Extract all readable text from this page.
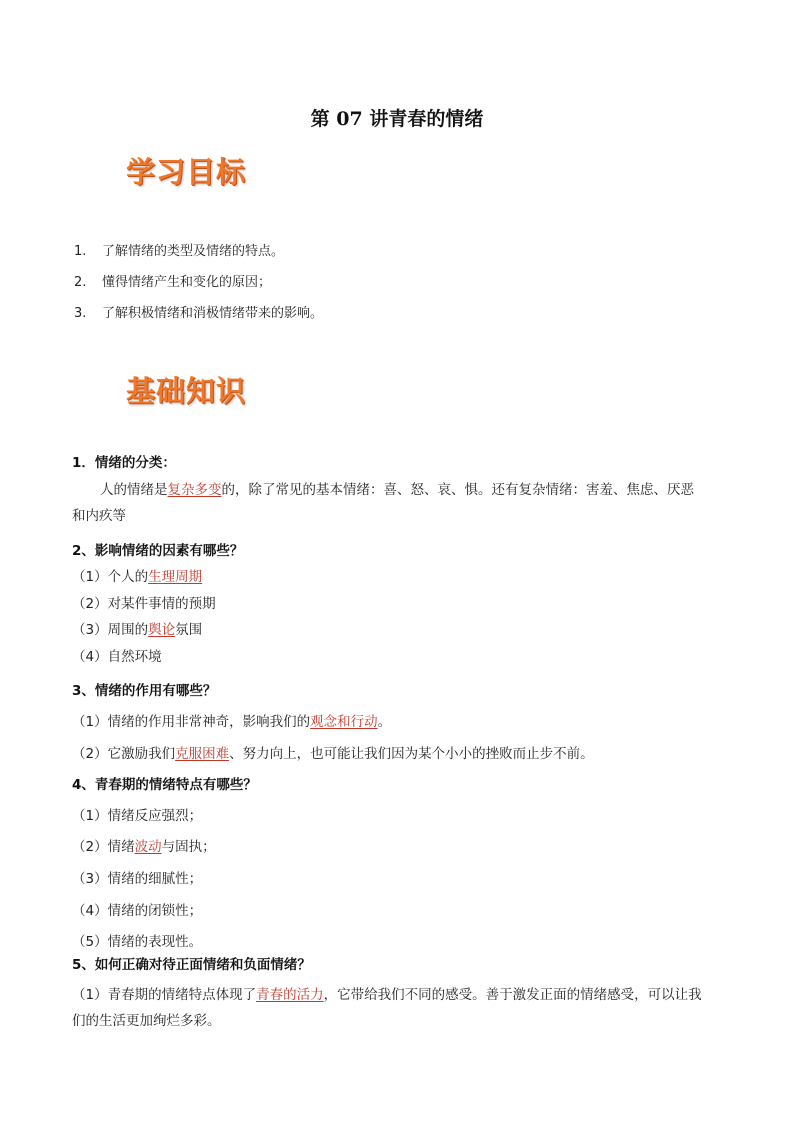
第 07 讲青春的情绪
学习目标
1. 了解情绪的类型及情绪的特点。
2. 懂得情绪产生和变化的原因；
3. 了解积极情绪和消极情绪带来的影响。
基础知识
1．情绪的分类：
人的情绪是复杂多变的，除了常见的基本情绪：喜、怒、哀、惧。还有复杂情绪：害羞、焦虑、厌恶
和内疚等
2、影响情绪的因素有哪些？
（1）个人的生理周期
（2）对某件事情的预期
（3）周围的舆论氛围
（4）自然环境
3、情绪的作用有哪些？
（1）情绪的作用非常神奇，影响我们的观念和行动。
（2）它激励我们克服困难、努力向上，也可能让我们因为某个小小的挫败而止步不前。
4、青春期的情绪特点有哪些？
（1）情绪反应强烈；
（2）情绪波动与固执；
（3）情绪的细腻性；
（4）情绪的闭锁性；
（5）情绪的表现性。
5、如何正确对待正面情绪和负面情绪？
（1）青春期的情绪特点体现了青春的活力，它带给我们不同的感受。善于激发正面的情绪感受，可以让我
们的生活更加绚烂多彩。
